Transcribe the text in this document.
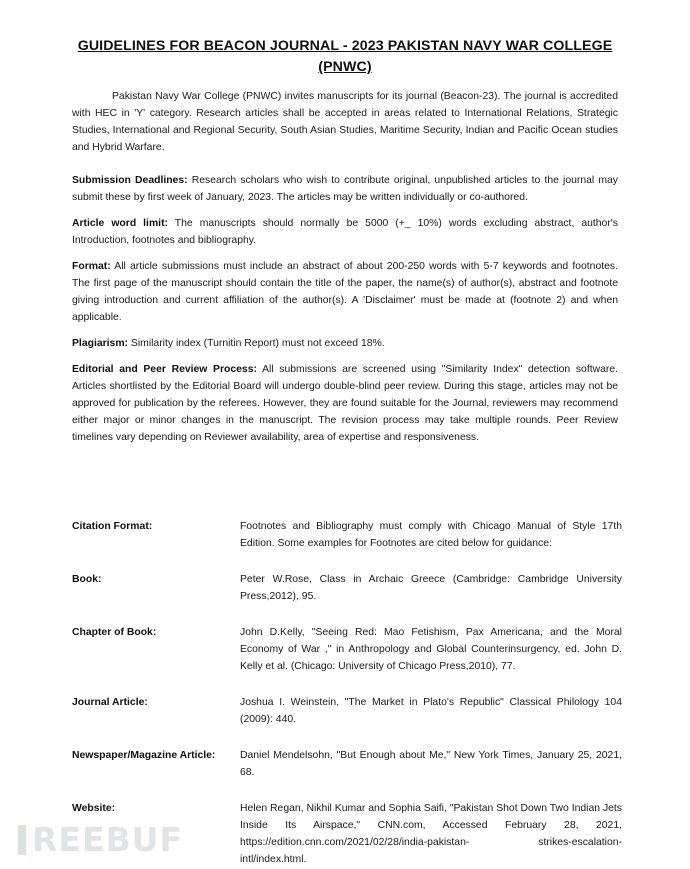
GUIDELINES FOR BEACON JOURNAL - 2023 PAKISTAN NAVY WAR COLLEGE (PNWC)

Pakistan Navy War College (PNWC) invites manuscripts for its journal (Beacon-23). The journal is accredited with HEC in 'Y' category. Research articles shall be accepted in areas related to International Relations, Strategic Studies, International and Regional Security, South Asian Studies, Maritime Security, Indian and Pacific Ocean studies and Hybrid Warfare.

Submission Deadlines: Research scholars who wish to contribute original, unpublished articles to the journal may submit these by first week of January, 2023. The articles may be written individually or co-authored.

Article word limit: The manuscripts should normally be 5000 (+_ 10%) words excluding abstract, author's Introduction, footnotes and bibliography.

Format: All article submissions must include an abstract of about 200-250 words with 5-7 keywords and footnotes. The first page of the manuscript should contain the title of the paper, the name(s) of author(s), abstract and footnote giving introduction and current affiliation of the author(s). A 'Disclaimer' must be made at (footnote 2) and when applicable.

Plagiarism: Similarity index (Turnitin Report) must not exceed 18%.

Editorial and Peer Review Process: All submissions are screened using "Similarity Index" detection software. Articles shortlisted by the Editorial Board will undergo double-blind peer review. During this stage, articles may not be approved for publication by the referees. However, they are found suitable for the Journal, reviewers may recommend either major or minor changes in the manuscript. The revision process may take multiple rounds. Peer Review timelines vary depending on Reviewer availability, area of expertise and responsiveness.

Citation Format:	Footnotes and Bibliography must comply with Chicago Manual of Style 17th Edition. Some examples for Footnotes are cited below for guidance:
Book:	Peter W.Rose, Class in Archaic Greece (Cambridge: Cambridge University Press,2012), 95.
Chapter of Book:	John D.Kelly, "Seeing Red: Mao Fetishism, Pax Americana, and the Moral Economy of War ," in Anthropology and Global Counterinsurgency, ed. John D. Kelly et al. (Chicago: University of Chicago Press,2010), 77.
Journal Article:	Joshua I. Weinstein, "The Market in Plato's Republic" Classical Philology 104 (2009): 440.
Newspaper/Magazine Article:	Daniel Mendelsohn, "But Enough about Me," New York Times, January 25, 2021, 68.
Website:	Helen Regan, Nikhil Kumar and Sophia Saifi, "Pakistan Shot Down Two Indian Jets Inside Its Airspace," CNN.com, Accessed February 28, 2021, https://edition.cnn.com/2021/02/28/india-pakistan- strikes-escalation-intl/index.html.
REEBUF
